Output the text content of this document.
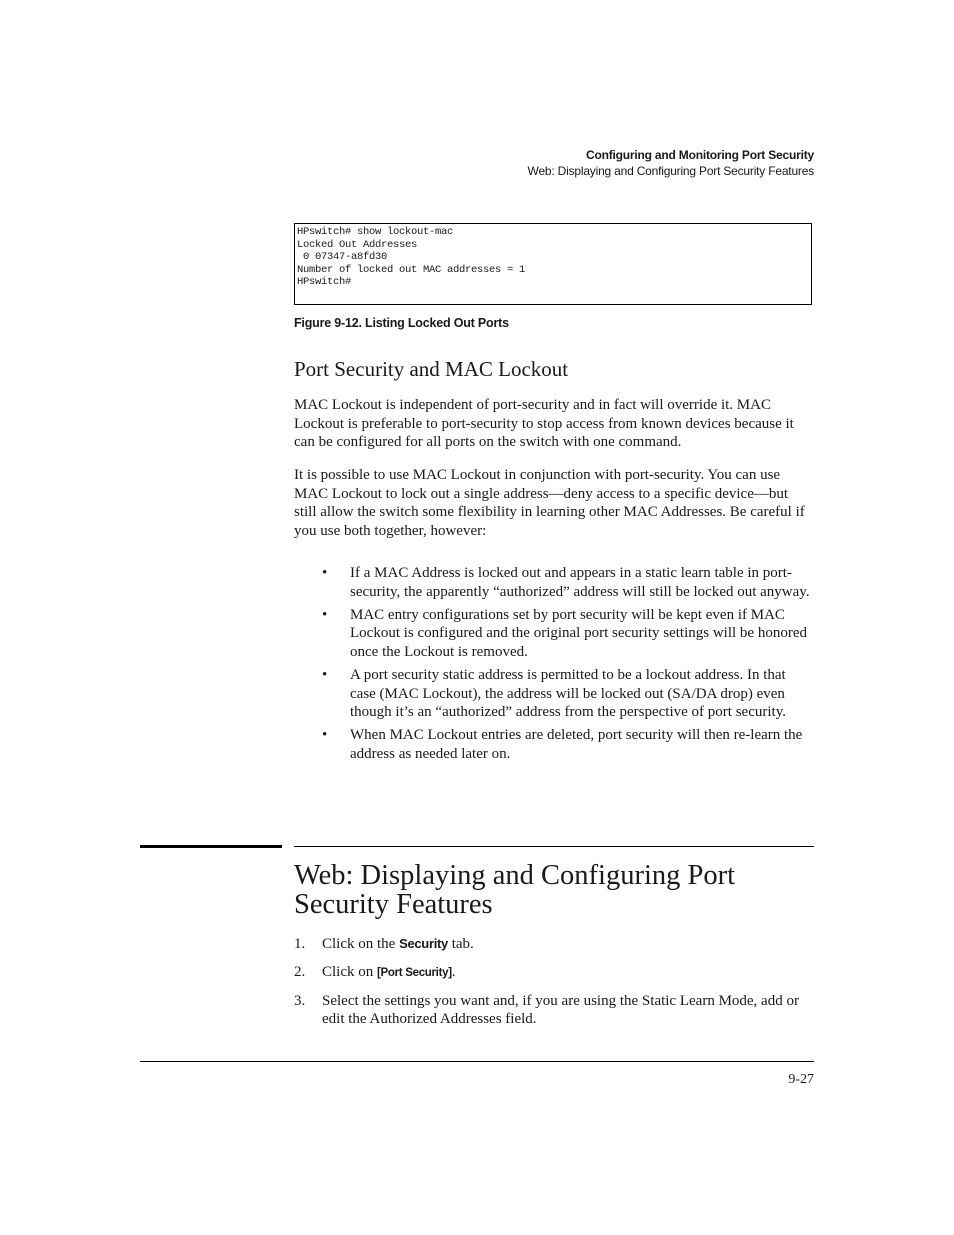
Configuring and Monitoring Port Security
Web: Displaying and Configuring Port Security Features
HPswitch# show lockout-mac
Locked Out Addresses
0 07347-a8fd30
Number of locked out MAC addresses = 1
HPswitch#
Figure 9-12. Listing Locked Out Ports
Port Security and MAC Lockout

MAC Lockout is independent of port-security and in fact will override it. MAC Lockout is preferable to port-security to stop access from known devices because it can be configured for all ports on the switch with one command.

It is possible to use MAC Lockout in conjunction with port-security. You can use MAC Lockout to lock out a single address—deny access to a specific device—but still allow the switch some flexibility in learning other MAC Addresses. Be careful if you use both together, however:

• If a MAC Address is locked out and appears in a static learn table in port-security, the apparently “authorized” address will still be locked out anyway.
• MAC entry configurations set by port security will be kept even if MAC Lockout is configured and the original port security settings will be honored once the Lockout is removed.
• A port security static address is permitted to be a lockout address. In that case (MAC Lockout), the address will be locked out (SA/DA drop) even though it’s an “authorized” address from the perspective of port security.
• When MAC Lockout entries are deleted, port security will then re-learn the address as needed later on.
Web: Displaying and Configuring Port Security Features
1. Click on the Security tab.
2. Click on [Port Security].
3. Select the settings you want and, if you are using the Static Learn Mode, add or edit the Authorized Addresses field.
9-27
